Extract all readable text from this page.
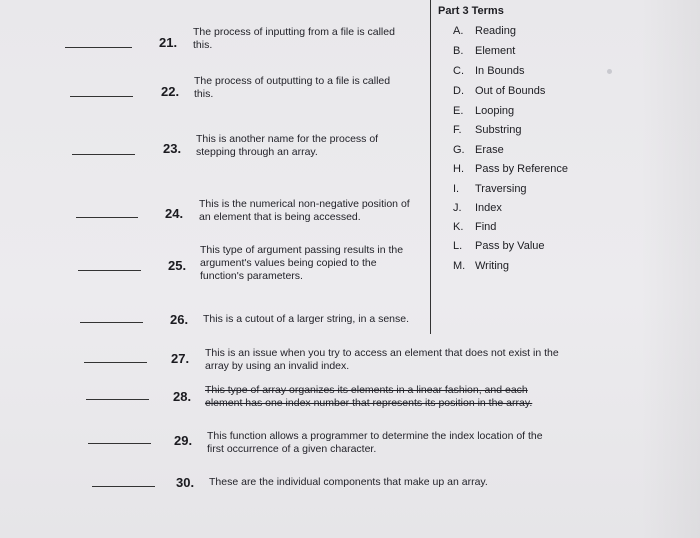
Part 3 Terms
A. Reading
B. Element
C. In Bounds
D. Out of Bounds
E. Looping
F. Substring
G. Erase
H. Pass by Reference
I. Traversing
J. Index
K. Find
L. Pass by Value
M. Writing
21.
The process of inputting from a file is called
this.
22.
The process of outputting to a file is called
this.
23.
This is another name for the process of
stepping through an array.
24.
This is the numerical non-negative position of
an element that is being accessed.
25.
This type of argument passing results in the
argument's values being copied to the
function's parameters.
26. This is a cutout of a larger string, in a sense.
27. This is an issue when you try to access an element that does not exist in the
array by using an invalid index.
28. This type of array organizes its elements in a linear fashion, and each
element has one index number that represents its position in the array.
29. This function allows a programmer to determine the index location of the
first occurrence of a given character.
30. These are the individual components that make up an array.
